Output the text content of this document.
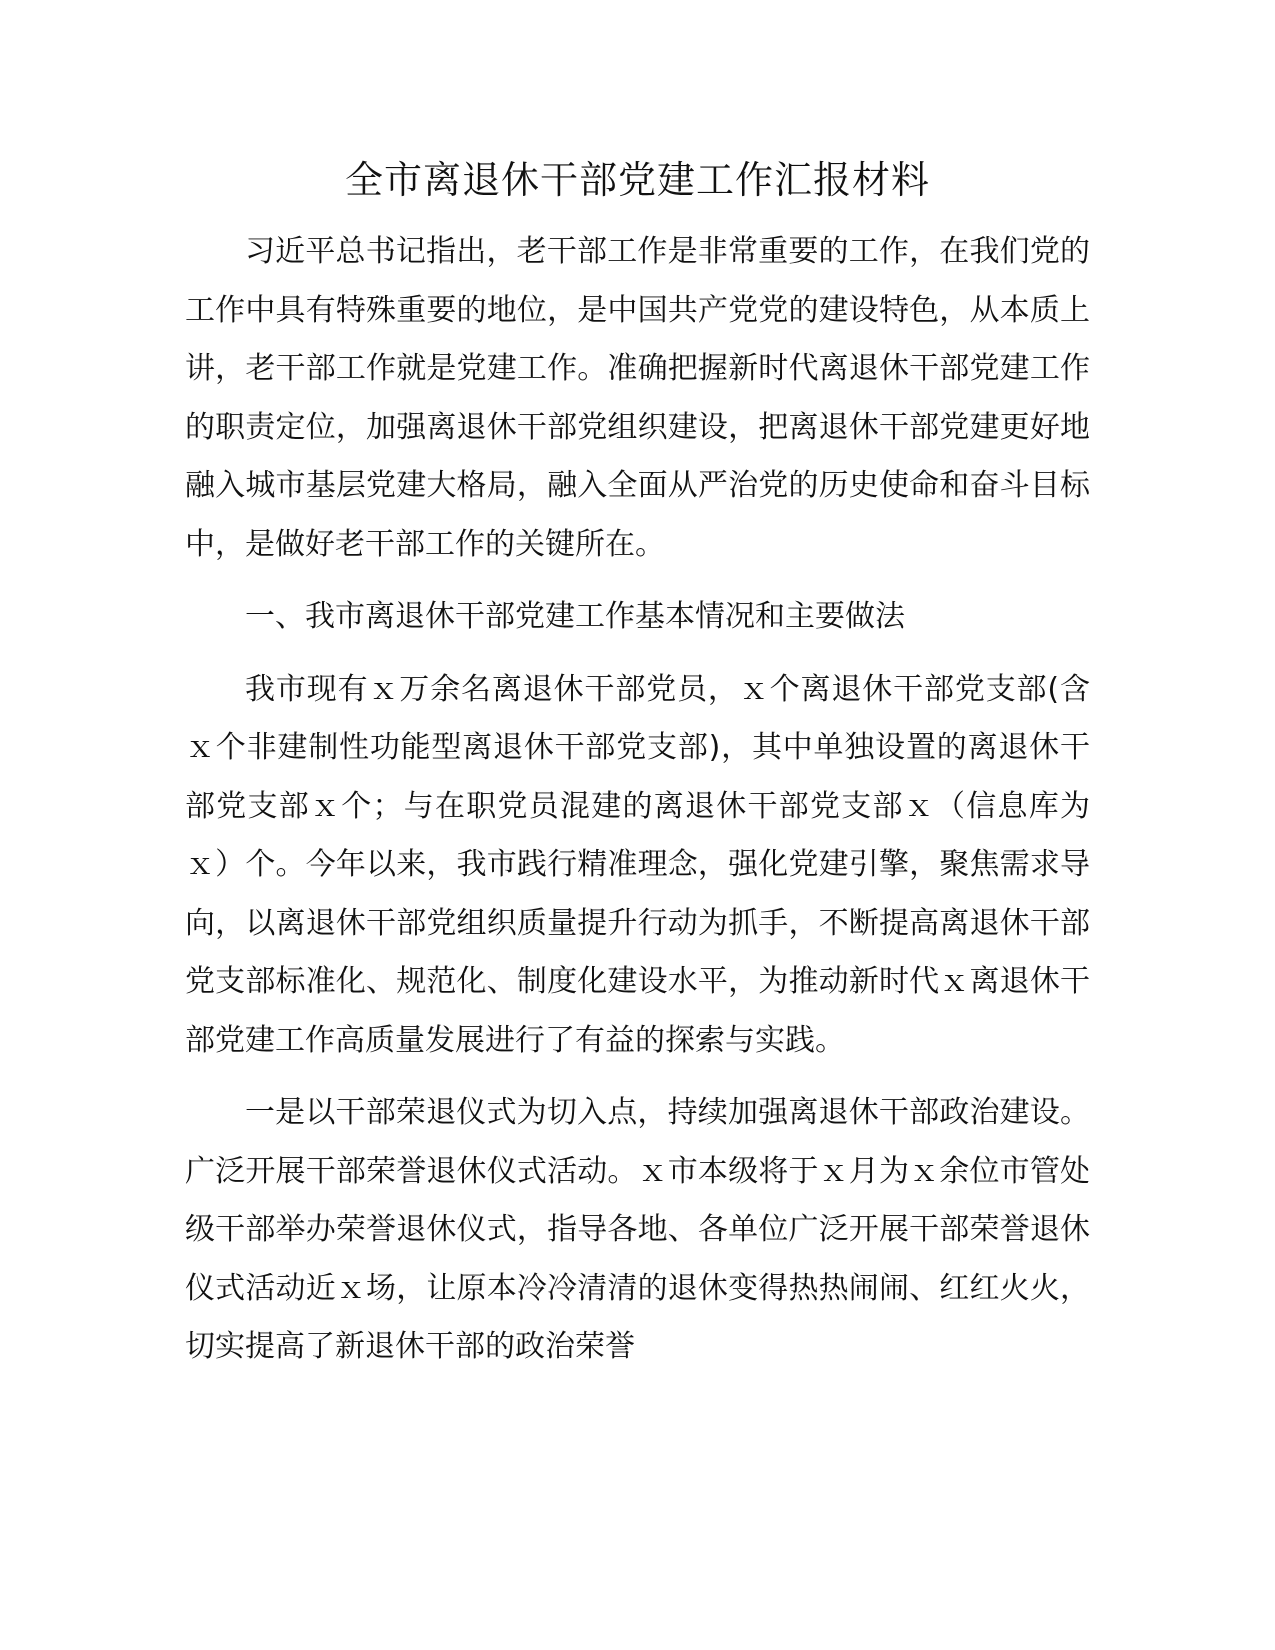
全市离退休干部党建工作汇报材料

习近平总书记指出，老干部工作是非常重要的工作，在我们党的工作中具有特殊重要的地位，是中国共产党党的建设特色，从本质上讲，老干部工作就是党建工作。准确把握新时代离退休干部党建工作的职责定位，加强离退休干部党组织建设，把离退休干部党建更好地融入城市基层党建大格局，融入全面从严治党的历史使命和奋斗目标中，是做好老干部工作的关键所在。

一、我市离退休干部党建工作基本情况和主要做法

我市现有ｘ万余名离退休干部党员，ｘ个离退休干部党支部(含ｘ个非建制性功能型离退休干部党支部)，其中单独设置的离退休干部党支部ｘ个；与在职党员混建的离退休干部党支部ｘ（信息库为ｘ）个。今年以来，我市践行精准理念，强化党建引擎，聚焦需求导向，以离退休干部党组织质量提升行动为抓手，不断提高离退休干部党支部标准化、规范化、制度化建设水平，为推动新时代ｘ离退休干部党建工作高质量发展进行了有益的探索与实践。

一是以干部荣退仪式为切入点，持续加强离退休干部政治建设。广泛开展干部荣誉退休仪式活动。ｘ市本级将于ｘ月为ｘ余位市管处级干部举办荣誉退休仪式，指导各地、各单位广泛开展干部荣誉退休仪式活动近ｘ场，让原本冷冷清清的退休变得热热闹闹、红红火火，切实提高了新退休干部的政治荣誉
